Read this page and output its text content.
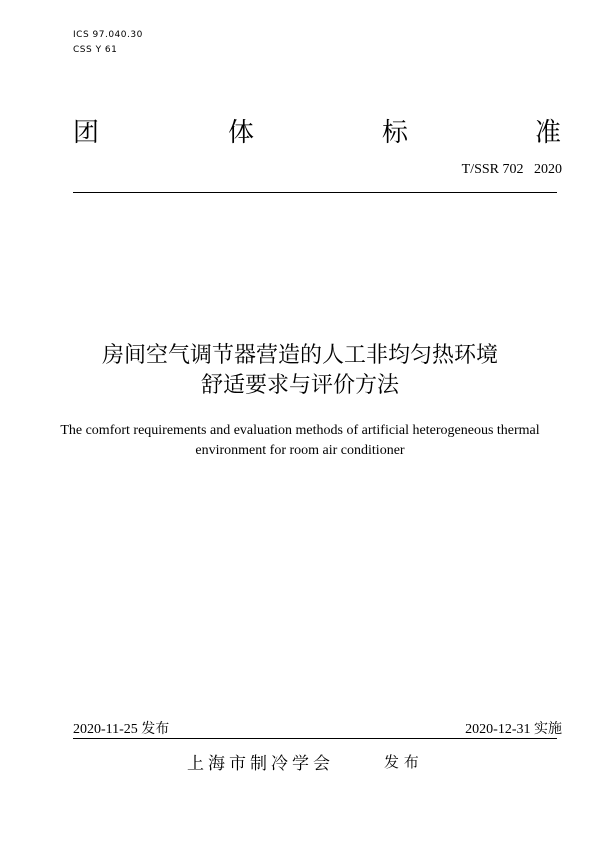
ICS 97.040.30
CSS Y 61
团	体	标	准
T/SSR 702   2020
房间空气调节器营造的人工非均匀热环境
舒适要求与评价方法
The comfort requirements and evaluation methods of artificial heterogeneous thermal
environment for room air conditioner
2020-11-25 发布	2020-12-31 实施
上海市制冷学会	发 布
